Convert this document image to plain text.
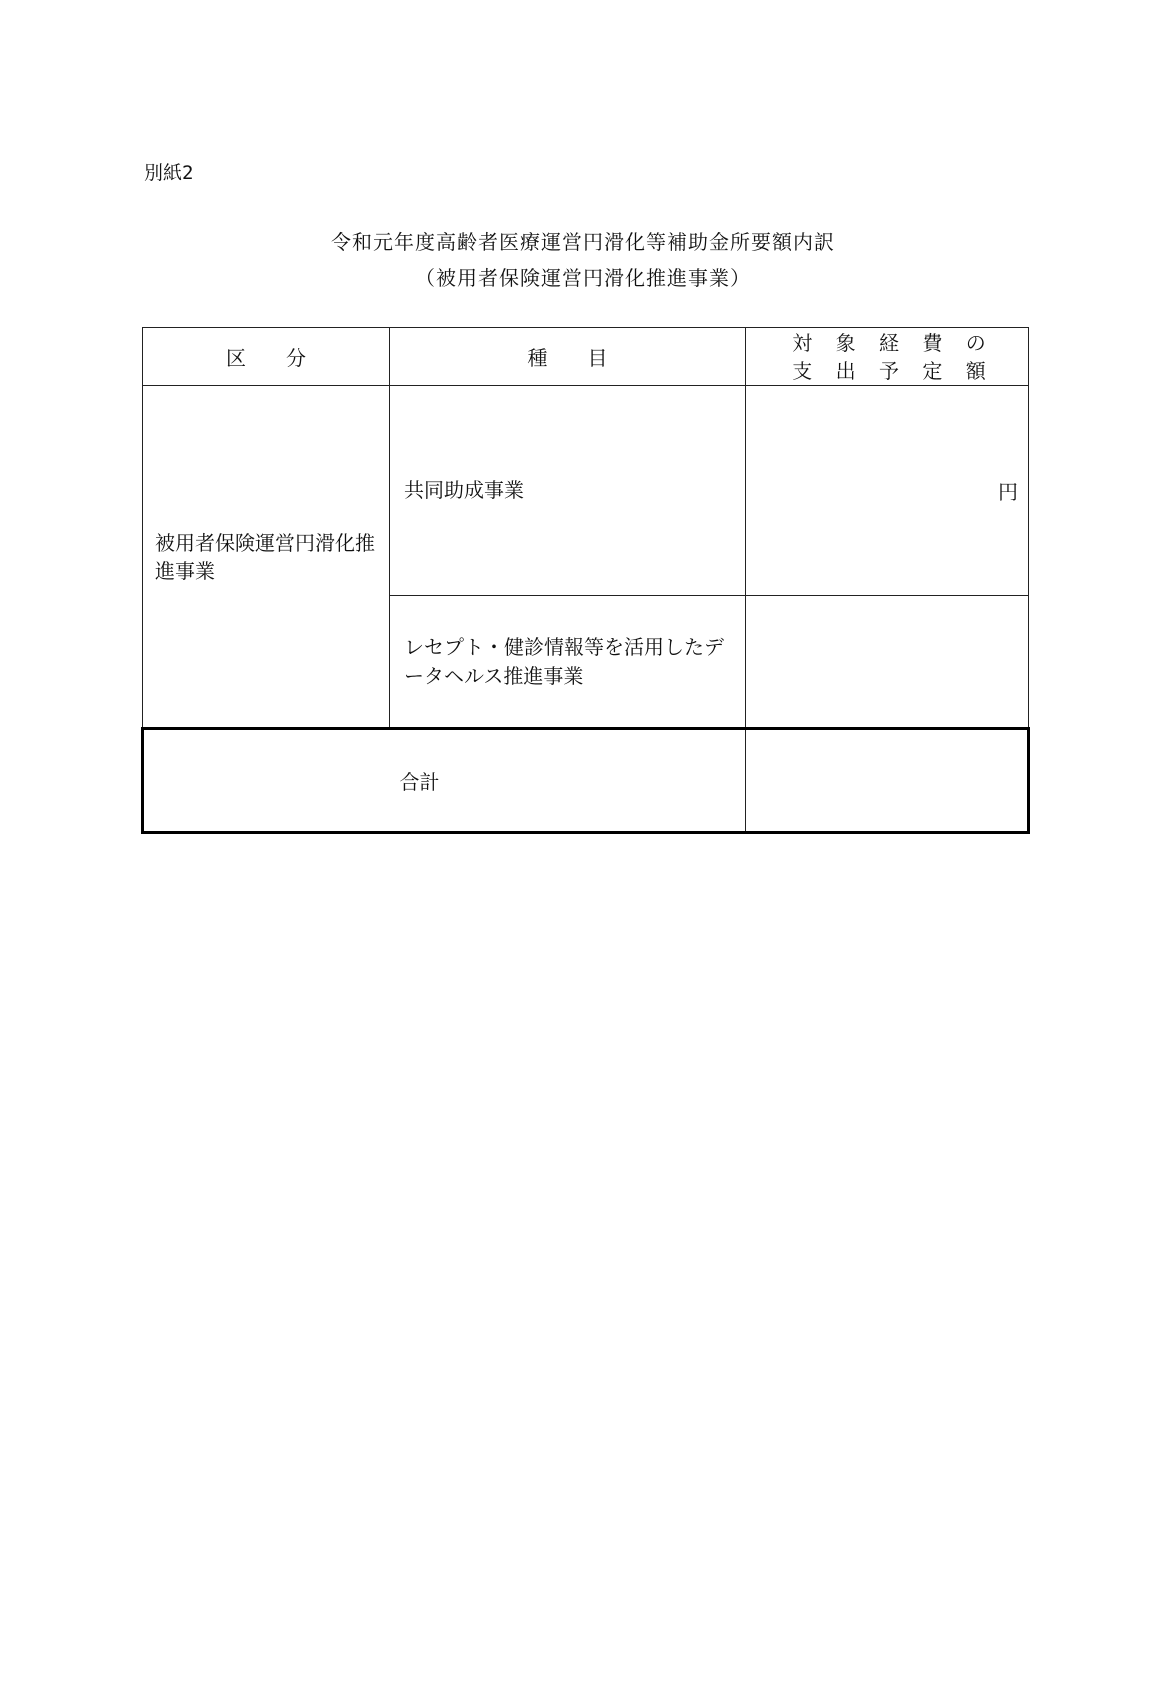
別紙2
令和元年度高齢者医療運営円滑化等補助金所要額内訳
（被用者保険運営円滑化推進事業）
区　　分	種　　目	対 象 経 費 の
支 出 予 定 額

被用者保険運営円滑化推進事業	共同助成事業	円
	レセプト・健診情報等を活用したデータヘルス推進事業	
合計		
